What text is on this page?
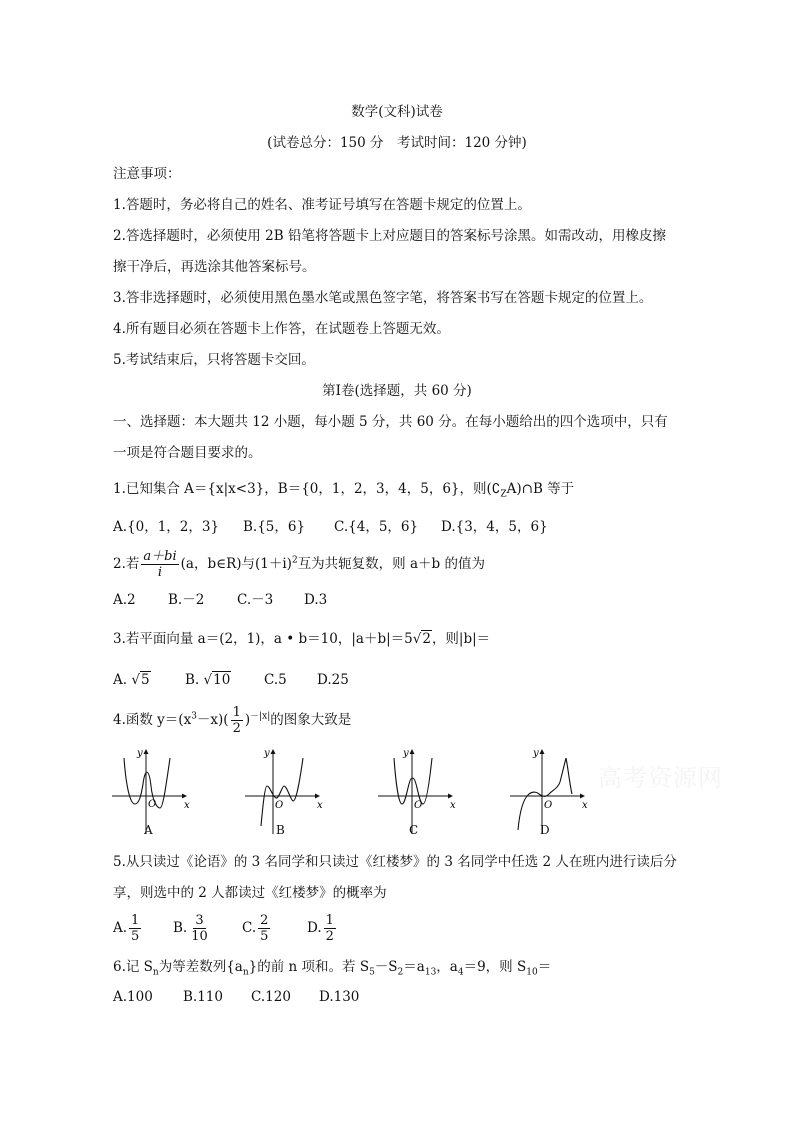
数学(文科)试卷
(试卷总分：150 分　考试时间：120 分钟)
注意事项：
1.答题时，务必将自己的姓名、准考证号填写在答题卡规定的位置上。
2.答选择题时，必须使用 2B 铅笔将答题卡上对应题目的答案标号涂黑。如需改动，用橡皮擦
擦干净后，再选涂其他答案标号。
3.答非选择题时，必须使用黑色墨水笔或黑色签字笔，将答案书写在答题卡规定的位置上。
4.所有题目必须在答题卡上作答，在试题卷上答题无效。
5.考试结束后，只将答题卡交回。
第Ⅰ卷(选择题，共 60 分)
一、选择题：本大题共 12 小题，每小题 5 分，共 60 分。在每小题给出的四个选项中，只有
一项是符合题目要求的。
1.已知集合 A＝{x|x<3}，B＝{0，1，2，3，4，5，6}，则$(∁_ZA)\cap B$ 等于
A.{0，1，2，3} B.{5，6} C.{4，5，6} D.{3，4，5，6}
2.若 $\frac{a+bi}{i} (a$，b∈R)与$(1+i)^2$互为共轭复数，则 a＋b 的值为
A.2 B.－2 C.－3 D.3
3.若平面向量 a＝(2，1)，a • b＝10，|a＋b|＝5√2，则|b|＝
A. √5	B. √10 C.5 D.25
4.函数 $y=(x^3-x)( \frac{1}{2} )^{-|x|}$的图象大致是
y
x
O
A
y
x
O
B
y
x
O
C
y
x
O
D
高考资源网
5.从只读过《论语》的 3 名同学和只读过《红楼梦》的 3 名同学中任选 2 人在班内进行读后分
享，则选中的 2 人都读过《红楼梦》的概率为
A. $\frac{1}{5} B$. $\frac{3}{10} C$. $\frac{2}{5}$	D. $\frac{1}{2}$
6.记 $S_n$为等差数列$\{a_n\}$的前 n 项和。若 $S_5-S_2=a_{13}$，$a_4=9$，则 $S_{10}=$
A.100 B.110 C.120 D.130
